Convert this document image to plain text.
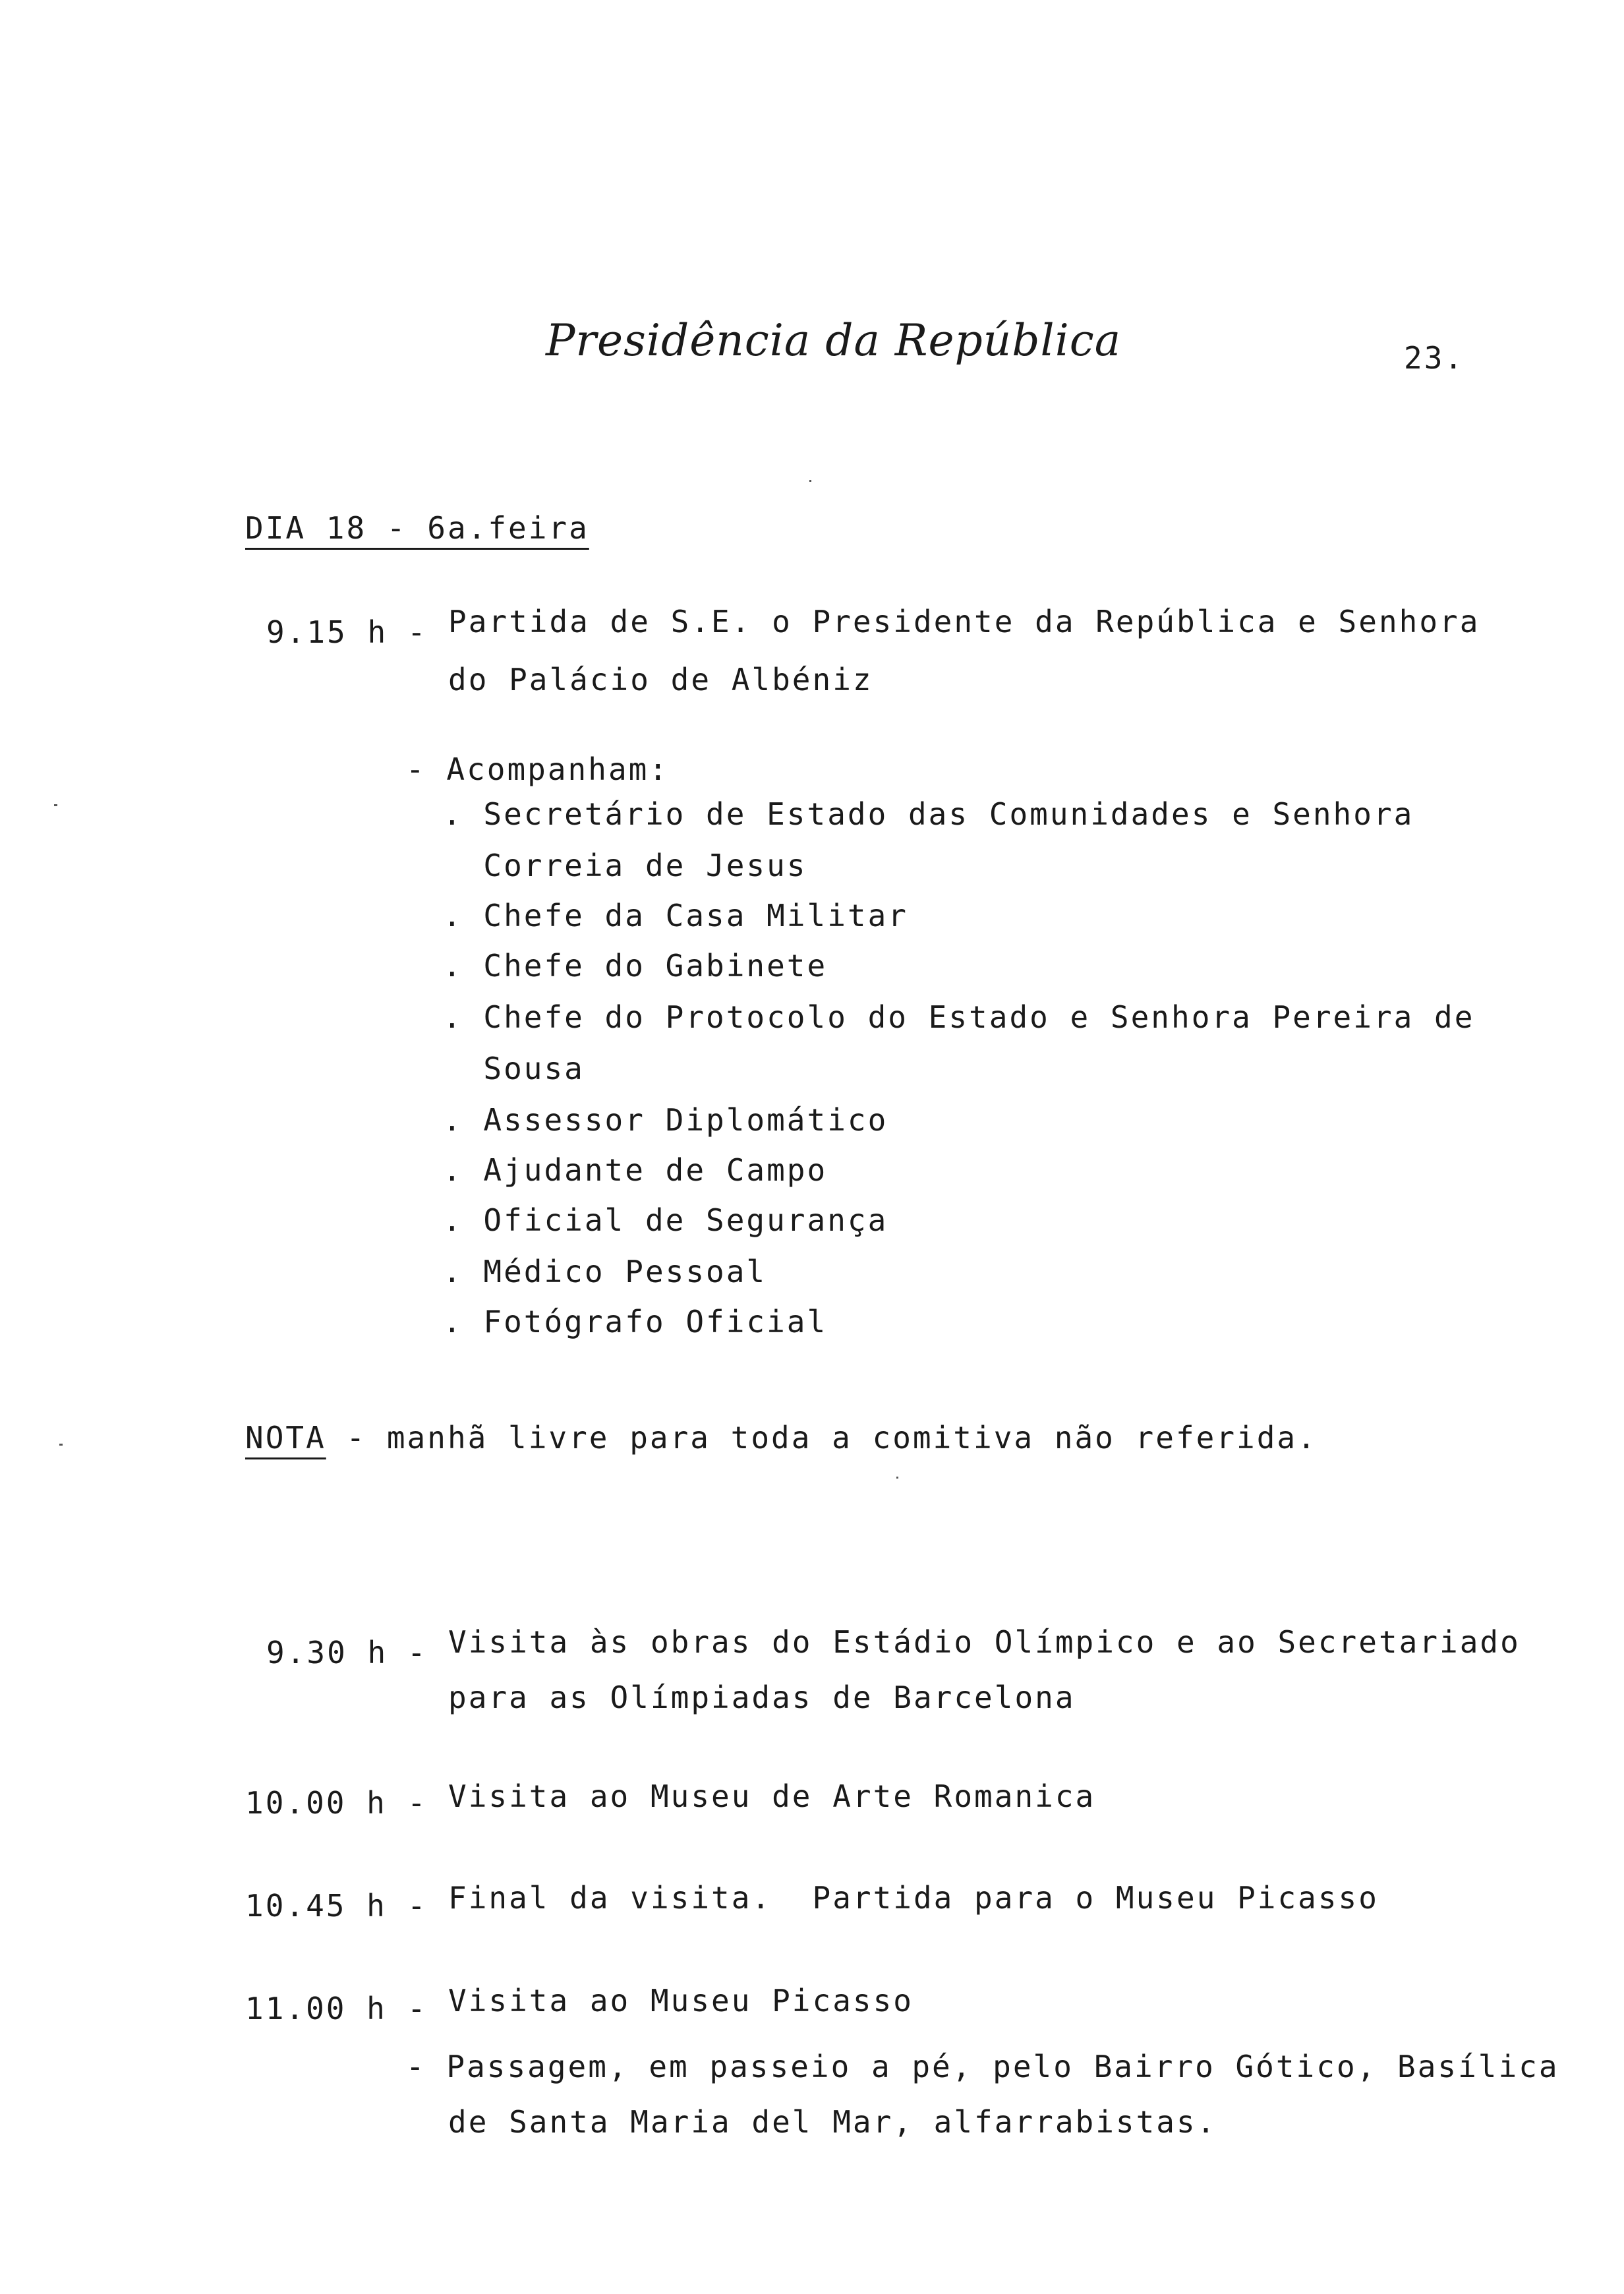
Presidência da República	23.
DIA 18 - 6a.feira
9.15 h - Partida de S.E. o Presidente da República e Senhora
do Palácio de Albéniz
- Acompanham:
. Secretário de Estado das Comunidades e Senhora
Correia de Jesus
. Chefe da Casa Militar
. Chefe do Gabinete
. Chefe do Protocolo do Estado e Senhora Pereira de
Sousa
. Assessor Diplomático
. Ajudante de Campo
. Oficial de Segurança
. Médico Pessoal
. Fotógrafo Oficial
NOTA - manhã livre para toda a comitiva não referida.
9.30 h - Visita às obras do Estádio Olímpico e ao Secretariado
para as Olímpiadas de Barcelona
10.00 h - Visita ao Museu de Arte Romanica
10.45 h - Final da visita.  Partida para o Museu Picasso
11.00 h - Visita ao Museu Picasso
- Passagem, em passeio a pé, pelo Bairro Gótico, Basílica
de Santa Maria del Mar, alfarrabistas.
